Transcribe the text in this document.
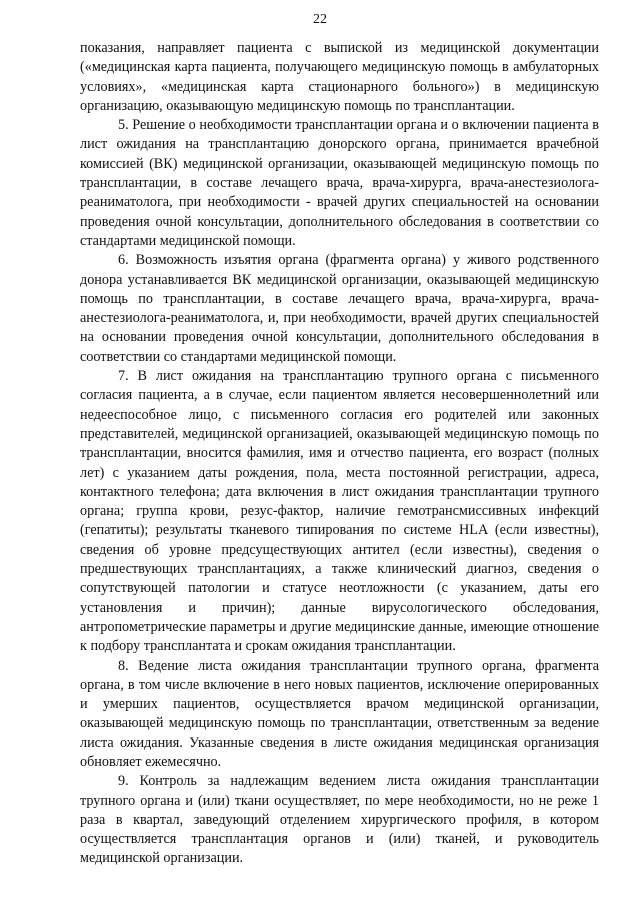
22

показания, направляет пациента с выпиской из медицинской документации («медицинская карта пациента, получающего медицинскую помощь в амбулаторных условиях», «медицинская карта стационарного больного») в медицинскую организацию, оказывающую медицинскую помощь по трансплантации.

5. Решение о необходимости трансплантации органа и о включении пациента в лист ожидания на трансплантацию донорского органа, принимается врачебной комиссией (ВК) медицинской организации, оказывающей медицинскую помощь по трансплантации, в составе лечащего врача, врача-хирурга, врача-анестезиолога-реаниматолога, при необходимости - врачей других специальностей на основании проведения очной консультации, дополнительного обследования в соответствии со стандартами медицинской помощи.

6. Возможность изъятия органа (фрагмента органа) у живого родственного донора устанавливается ВК медицинской организации, оказывающей медицинскую помощь по трансплантации, в составе лечащего врача, врача-хирурга, врача-анестезиолога-реаниматолога, и, при необходимости, врачей других специальностей на основании проведения очной консультации, дополнительного обследования в соответствии со стандартами медицинской помощи.

7. В лист ожидания на трансплантацию трупного органа с письменного согласия пациента, а в случае, если пациентом является несовершеннолетний или недееспособное лицо, с письменного согласия его родителей или законных представителей, медицинской организацией, оказывающей медицинскую помощь по трансплантации, вносится фамилия, имя и отчество пациента, его возраст (полных лет) с указанием даты рождения, пола, места постоянной регистрации, адреса, контактного телефона; дата включения в лист ожидания трансплантации трупного органа; группа крови, резус-фактор, наличие гемотрансмиссивных инфекций (гепатиты); результаты тканевого типирования по системе HLA (если известны), сведения об уровне предсуществующих антител (если известны), сведения о предшествующих трансплантациях, а также клинический диагноз, сведения о сопутствующей патологии и статусе неотложности (с указанием, даты его установления и причин); данные вирусологического обследования, антропометрические параметры и другие медицинские данные, имеющие отношение к подбору трансплантата и срокам ожидания трансплантации.

8. Ведение листа ожидания трансплантации трупного органа, фрагмента органа, в том числе включение в него новых пациентов, исключение оперированных и умерших пациентов, осуществляется врачом медицинской организации, оказывающей медицинскую помощь по трансплантации, ответственным за ведение листа ожидания. Указанные сведения в листе ожидания медицинская организация обновляет ежемесячно.

9. Контроль за надлежащим ведением листа ожидания трансплантации трупного органа и (или) ткани осуществляет, по мере необходимости, но не реже 1 раза в квартал, заведующий отделением хирургического профиля, в котором осуществляется трансплантация органов и (или) тканей, и руководитель медицинской организации.
